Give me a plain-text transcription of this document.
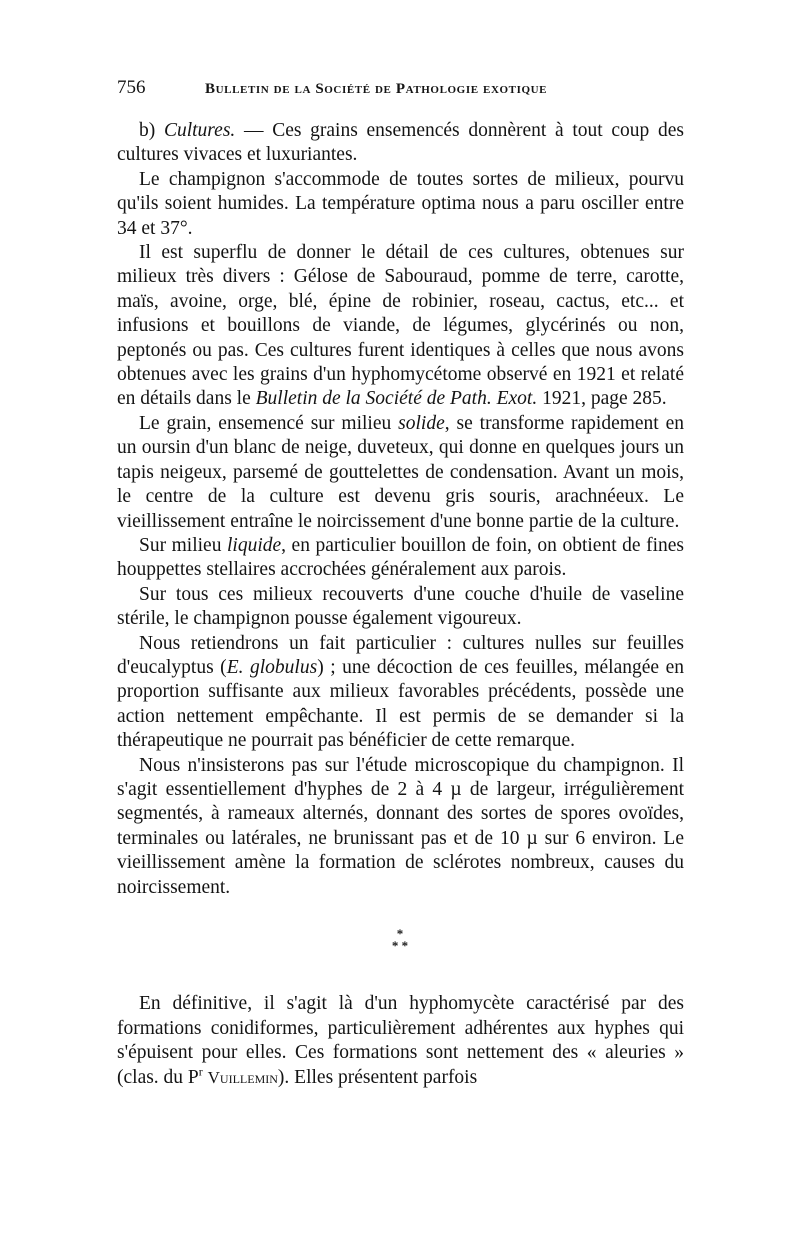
756	Bulletin de la Société de Pathologie exotique

b) Cultures. — Ces grains ensemencés donnèrent à tout coup des cultures vivaces et luxuriantes.

Le champignon s'accommode de toutes sortes de milieux, pourvu qu'ils soient humides. La température optima nous a paru osciller entre 34 et 37°.

Il est superflu de donner le détail de ces cultures, obtenues sur milieux très divers : Gélose de Sabouraud, pomme de terre, carotte, maïs, avoine, orge, blé, épine de robinier, roseau, cactus, etc... et infusions et bouillons de viande, de légumes, glycérinés ou non, peptonés ou pas. Ces cultures furent identiques à celles que nous avons obtenues avec les grains d'un hyphomycétome observé en 1921 et relaté en détails dans le Bulletin de la Société de Path. Exot. 1921, page 285.

Le grain, ensemencé sur milieu solide, se transforme rapidement en un oursin d'un blanc de neige, duveteux, qui donne en quelques jours un tapis neigeux, parsemé de gouttelettes de condensation. Avant un mois, le centre de la culture est devenu gris souris, arachnéeux. Le vieillissement entraîne le noircissement d'une bonne partie de la culture.

Sur milieu liquide, en particulier bouillon de foin, on obtient de fines houppettes stellaires accrochées généralement aux parois.

Sur tous ces milieux recouverts d'une couche d'huile de vaseline stérile, le champignon pousse également vigoureux.

Nous retiendrons un fait particulier : cultures nulles sur feuilles d'eucalyptus (E. globulus) ; une décoction de ces feuilles, mélangée en proportion suffisante aux milieux favorables précédents, possède une action nettement empêchante. Il est permis de se demander si la thérapeutique ne pourrait pas bénéficier de cette remarque.

Nous n'insisterons pas sur l'étude microscopique du champignon. Il s'agit essentiellement d'hyphes de 2 à 4 µ de largeur, irrégulièrement segmentés, à rameaux alternés, donnant des sortes de spores ovoïdes, terminales ou latérales, ne brunissant pas et de 10 µ sur 6 environ. Le vieillissement amène la formation de sclérotes nombreux, causes du noircissement.

*
* *

En définitive, il s'agit là d'un hyphomycète caractérisé par des formations conidiformes, particulièrement adhérentes aux hyphes qui s'épuisent pour elles. Ces formations sont nettement des « aleuries » (clas. du $P^r$ Vuillemin). Elles présentent parfois
